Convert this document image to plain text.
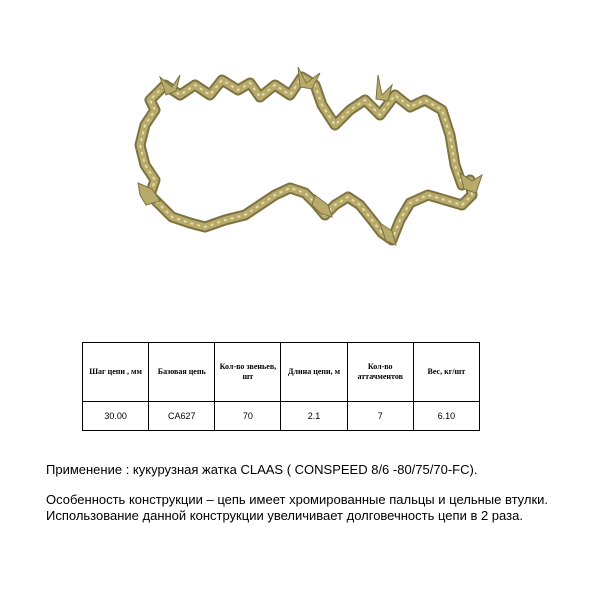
Шаг цепи , мм	Базовая цепь	Кол-во звеньев, шт	Длина цепи, м	Кол-во аттачментов	Вес, кг/шт
30.00	CA627	70	2.1	7	6.10

Применение : кукурузная жатка CLAAS ( CONSPEED 8/6 -80/75/70-FC).

Особенность конструкции – цепь имеет хромированные пальцы и цельные втулки. Использование данной конструкции увеличивает долговечность цепи в 2 раза.
